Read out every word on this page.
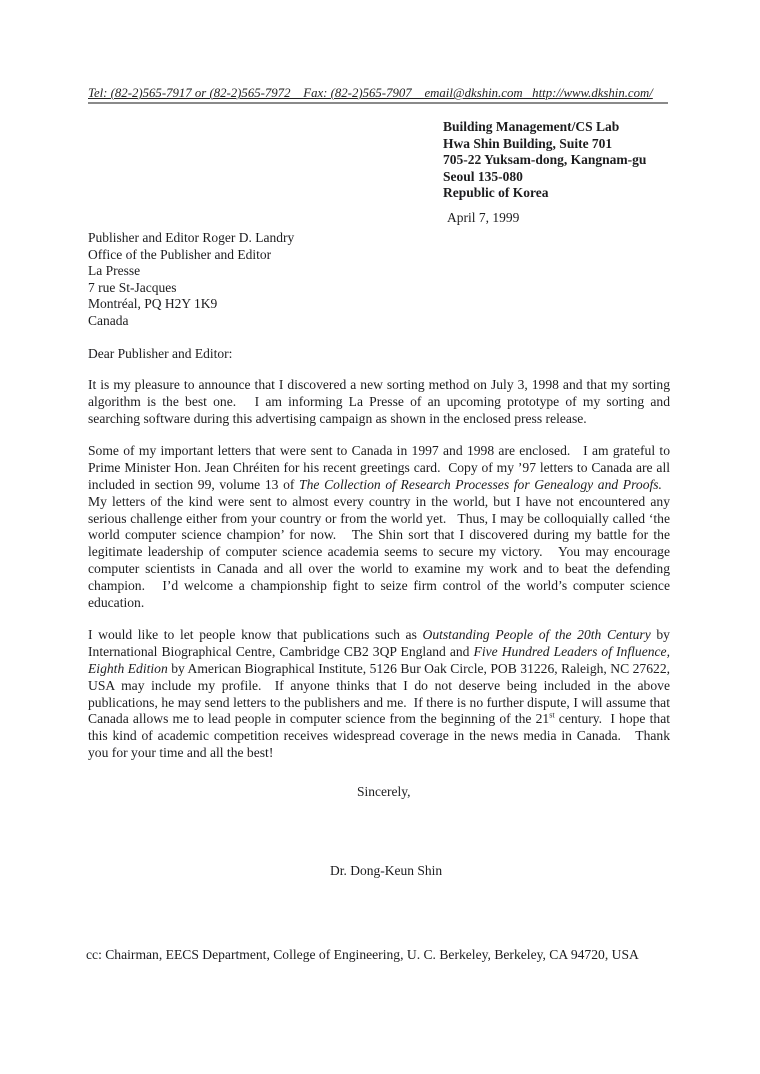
Tel: (82-2)565-7917 or (82-2)565-7972    Fax: (82-2)565-7907    email@dkshin.com   http://www.dkshin.com/
Building Management/CS Lab
Hwa Shin Building, Suite 701
705-22 Yuksam-dong, Kangnam-gu
Seoul 135-080
Republic of Korea
April 7, 1999
Publisher and Editor Roger D. Landry
Office of the Publisher and Editor
La Presse
7 rue St-Jacques
Montréal, PQ H2Y 1K9
Canada
Dear Publisher and Editor:

It is my pleasure to announce that I discovered a new sorting method on July 3, 1998 and that my sorting algorithm is the best one.   I am informing La Presse of an upcoming prototype of my sorting and searching software during this advertising campaign as shown in the enclosed press release.

Some of my important letters that were sent to Canada in 1997 and 1998 are enclosed.   I am grateful to Prime Minister Hon. Jean Chréiten for his recent greetings card.  Copy of my ’97 letters to Canada are all included in section 99, volume 13 of The Collection of Research Processes for Genealogy and Proofs.   My letters of the kind were sent to almost every country in the world, but I have not encountered any serious challenge either from your country or from the world yet.   Thus, I may be colloquially called ‘the world computer science champion’ for now.   The Shin sort that I discovered during my battle for the legitimate leadership of computer science academia seems to secure my victory.   You may encourage computer scientists in Canada and all over the world to examine my work and to beat the defending champion.   I’d welcome a championship fight to seize firm control of the world’s computer science education.

I would like to let people know that publications such as Outstanding People of the 20th Century by International Biographical Centre, Cambridge CB2 3QP England and Five Hundred Leaders of Influence, Eighth Edition by American Biographical Institute, 5126 Bur Oak Circle, POB 31226, Raleigh, NC 27622, USA may include my profile.  If anyone thinks that I do not deserve being included in the above publications, he may send letters to the publishers and me.  If there is no further dispute, I will assume that Canada allows me to lead people in computer science from the beginning of the 21st century.  I hope that this kind of academic competition receives widespread coverage in the news media in Canada.   Thank you for your time and all the best!

Sincerely,
Dr. Dong-Keun Shin
cc: Chairman, EECS Department, College of Engineering, U. C. Berkeley, Berkeley, CA 94720, USA
